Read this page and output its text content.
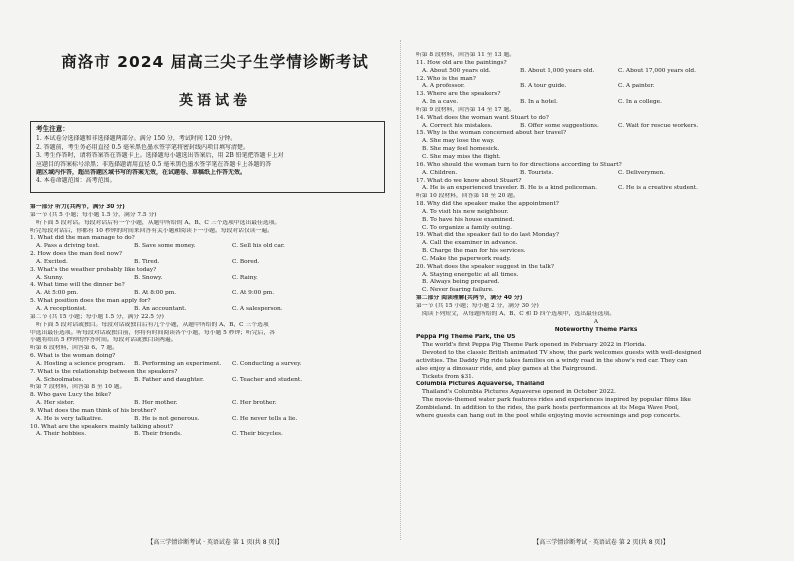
商洛市 2024 届高三尖子生学情诊断考试
英语试卷
考生注意：
1. 本试卷分选择题和非选择题两部分。满分 150 分，考试时间 120 分钟。
2. 答题前，考生务必用直径 0.5 毫米黑色墨水签字笔将密封线内项目填写清楚。
3. 考生作答时，请将答案答在答题卡上。选择题每小题选出答案后，用 2B 铅笔把答题卡上对
应题目的答案标号涂黑；非选择题请用直径 0.5 毫米黑色墨水签字笔在答题卡上各题的答
题区域内作答，超出答题区域书写的答案无效，在试题卷、草稿纸上作答无效。
4. 本卷命题范围：高考范围。
第一部分 听力(共两节，满分 30 分)
第一节 (共 5 小题；每小题 1.5 分，满分 7.5 分)
听下面 5 段对话。每段对话后有一个小题，从题中所给的 A、B、C 三个选项中选出最佳选项。
听完每段对话后，你都有 10 秒钟的时间来回答有关小题和阅读下一小题。每段对话仅读一遍。
1. What did the man manage to do?
A. Pass a driving test.	B. Save some money.	C. Sell his old car.
2. How does the man feel now?
A. Excited.	B. Tired.	C. Bored.
3. What's the weather probably like today?
A. Sunny.	B. Snowy.	C. Rainy.
4. What time will the dinner be?
A. At 5:00 pm.	B. At 8:00 pm.	C. At 9:00 pm.
5. What position does the man apply for?
A. A receptionist.	B. An accountant.	C. A salesperson.
第二节 (共 15 小题；每小题 1.5 分，满分 22.5 分)
听下面 5 段对话或独白。每段对话或独白后有几个小题，从题中所给的 A、B、C 三个选项
中选出最佳选项。听每段对话或独白前，你将有时间阅读各个小题，每小题 5 秒钟；听完后，各
小题将给出 5 秒钟的作答时间。每段对话或独白读两遍。
听第 6 段材料，回答第 6、7 题。
6. What is the woman doing?
A. Hosting a science program.	B. Performing an experiment.	C. Conducting a survey.
7. What is the relationship between the speakers?
A. Schoolmates.	B. Father and daughter.	C. Teacher and student.
听第 7 段材料，回答第 8 至 10 题。
8. Who gave Lucy the bike?
A. Her sister.	B. Her mother.	C. Her brother.
9. What does the man think of his brother?
A. He is very talkative.	B. He is not generous.	C. He never tells a lie.
10. What are the speakers mainly talking about?
A. Their hobbies.	B. Their friends.	C. Their bicycles.
【高三学情诊断考试 · 英语试卷 第 1 页(共 8 页)】
听第 8 段材料，回答第 11 至 13 题。
11. How old are the paintings?
A. About 500 years old.	B. About 1,000 years old.	C. About 17,000 years old.
12. Who is the man?
A. A professor.	B. A tour guide.	C. A painter.
13. Where are the speakers?
A. In a cave.	B. In a hotel.	C. In a college.
听第 9 段材料，回答第 14 至 17 题。
14. What does the woman want Stuart to do?
A. Correct his mistakes.	B. Offer some suggestions.	C. Wait for rescue workers.
15. Why is the woman concerned about her travel?
A. She may lose the way.
B. She may feel homesick.
C. She may miss the flight.
16. Who should the woman turn to for directions according to Stuart?
A. Children.	B. Tourists.	C. Deliverymen.
17. What do we know about Stuart?
A. He is an experienced traveler. B. He is a kind policeman.	C. He is a creative student.
听第 10 段材料，回答第 18 至 20 题。
18. Why did the speaker make the appointment?
A. To visit his new neighbour.
B. To have his house examined.
C. To organize a family outing.
19. What did the speaker fail to do last Monday?
A. Call the examiner in advance.
B. Charge the man for his services.
C. Make the paperwork ready.
20. What does the speaker suggest in the talk?
A. Staying energetic at all times.
B. Always being prepared.
C. Never fearing failure.
第二部分 阅读理解(共两节，满分 40 分)
第一节 (共 15 小题；每小题 2 分，满分 30 分)
阅读下列短文，从每题所给的 A、B、C 和 D 四个选项中，选出最佳选项。
A
Noteworthy Theme Parks
Peppa Pig Theme Park, the US
The world's first Peppa Pig Theme Park opened in February 2022 in Florida.
Devoted to the classic British animated TV show, the park welcomes guests with well-designed
activities. The Daddy Pig ride takes families on a windy road in the show's red car. They can
also enjoy a dinosaur ride, and play games at the Fairground.
Tickets from $31.
Columbia Pictures Aquaverse, Thailand
Thailand's Columbia Pictures Aquaverse opened in October 2022.
The movie-themed water park features rides and experiences inspired by popular films like
Zombieland. In addition to the rides, the park hosts performances at its Mega Wave Pool,
where guests can hang out in the pool while enjoying movie screenings and pop concerts.
【高三学情诊断考试 · 英语试卷 第 2 页(共 8 页)】
